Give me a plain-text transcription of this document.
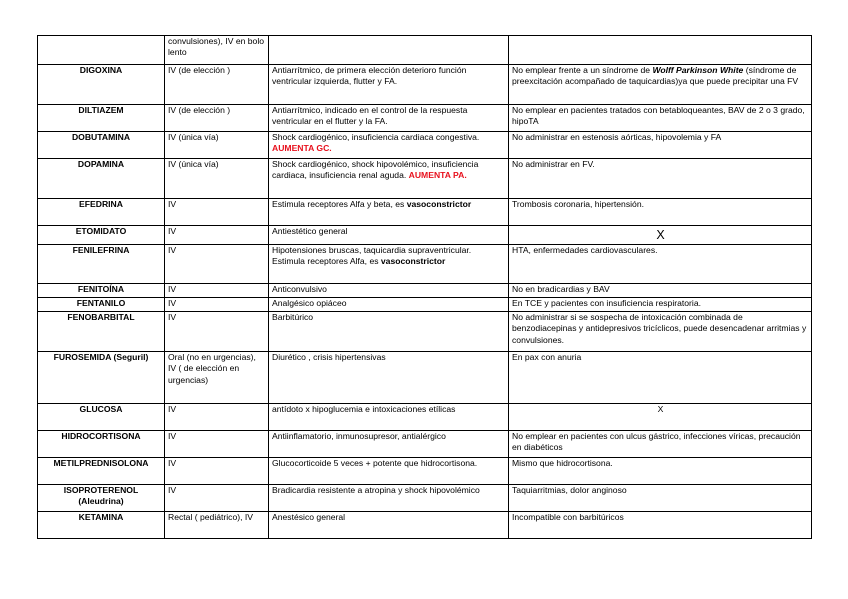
	convulsiones), IV en bolo lento		
DIGOXINA	IV (de elección )	Antiarrítmico, de primera elección deterioro función ventricular izquierda, flutter y FA.	No emplear frente a un síndrome de Wolff Parkinson White (síndrome de preexcitación acompañado de taquicardias)ya que puede precipitar una FV
DILTIAZEM	IV (de elección )	Antiarrítmico, indicado en el control de la respuesta ventricular en el flutter y la FA.	No emplear en pacientes tratados con betabloqueantes, BAV de 2 o 3 grado, hipoTA
DOBUTAMINA	IV (única vía)	Shock cardiogénico, insuficiencia cardiaca congestiva. AUMENTA GC.	No administrar en estenosis aórticas, hipovolemia y FA
DOPAMINA	IV (única vía)	Shock cardiogénico, shock hipovolémico, insuficiencia cardiaca, insuficiencia renal aguda. AUMENTA PA.	No administrar en FV.
EFEDRINA	IV	Estimula receptores Alfa y beta, es vasoconstrictor	Trombosis coronaria, hipertensión.
ETOMIDATO	IV	Antiestético general	X
FENILEFRINA	IV	Hipotensiones bruscas, taquicardia supraventricular. Estimula receptores Alfa, es vasoconstrictor	HTA, enfermedades cardiovasculares.
FENITOÍNA	IV	Anticonvulsivo	No en bradicardias y BAV
FENTANILO	IV	Analgésico opiáceo	En TCE y pacientes con insuficiencia respiratoria.
FENOBARBITAL	IV	Barbitúrico	No administrar si se sospecha de intoxicación combinada de benzodiacepinas y antidepresivos tricíclicos, puede desencadenar arritmias y convulsiones.
FUROSEMIDA (Seguril)	Oral (no en urgencias), IV ( de elección en urgencias)	Diurético , crisis hipertensivas	En pax con anuria
GLUCOSA	IV	antídoto x hipoglucemia e intoxicaciones etílicas	X
HIDROCORTISONA	IV	Antiinflamatorio, inmunosupresor, antialérgico	No emplear en pacientes con ulcus gástrico, infecciones víricas, precaución en diabéticos
METILPREDNISOLONA	IV	Glucocorticoide 5 veces + potente que hidrocortisona.	Mismo que hidrocortisona.
ISOPROTERENOL (Aleudrina)	IV	Bradicardia resistente a atropina y shock hipovolémico	Taquiarritmias, dolor anginoso
KETAMINA	Rectal ( pediátrico), IV	Anestésico general	Incompatible con barbitúricos
